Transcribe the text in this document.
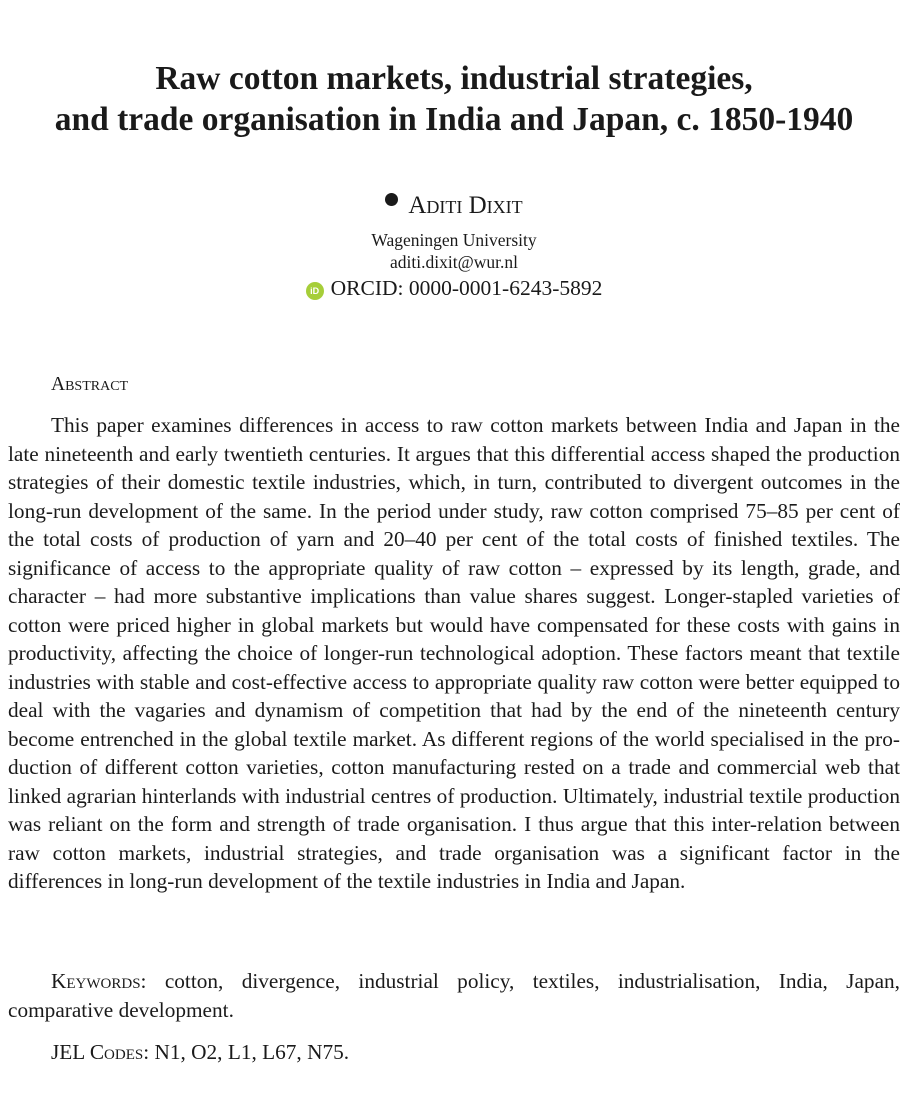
Raw cotton markets, industrial strategies,
and trade organisation in India and Japan, c. 1850-1940
Aditi Dixit
Wageningen University
aditi.dixit@wur.nl
iD ORCID: 0000-0001-6243-5892
Abstract

This paper examines differences in access to raw cotton markets between India and Japan in the late nineteenth and early twentieth centuries. It argues that this differential access shaped the production strategies of their domestic textile industries, which, in turn, contributed to divergent outcomes in the long-run development of the same. In the period under study, raw cotton comprised 75–85 per cent of the total costs of production of yarn and 20–40 per cent of the total costs of finished textiles. The significance of access to the appropriate quality of raw cotton – expressed by its length, grade, and character – had more substantive implications than value shares suggest. Longer-stapled varieties of cotton were priced higher in global markets but would have compensated for these costs with gains in productivity, affecting the choice of longer-run technological adoption. These factors meant that textile industries with stable and cost-effective access to appropriate quality raw cotton were better equipped to deal with the vagaries and dynamism of competition that had by the end of the nineteenth century become entrenched in the global textile market. As different regions of the world specialised in the production of different cotton varieties, cotton manufacturing rested on a trade and commercial web that linked agrarian hinterlands with industrial centres of production. Ultimately, industrial textile production was reliant on the form and strength of trade organisation. I thus argue that this inter-relation between raw cotton markets, industrial strategies, and trade organisation was a significant factor in the differences in long-run development of the textile industries in India and Japan.

Keywords: cotton, divergence, industrial policy, textiles, industrialisation, India, Japan, comparative development.

JEL Codes: N1, O2, L1, L67, N75.
